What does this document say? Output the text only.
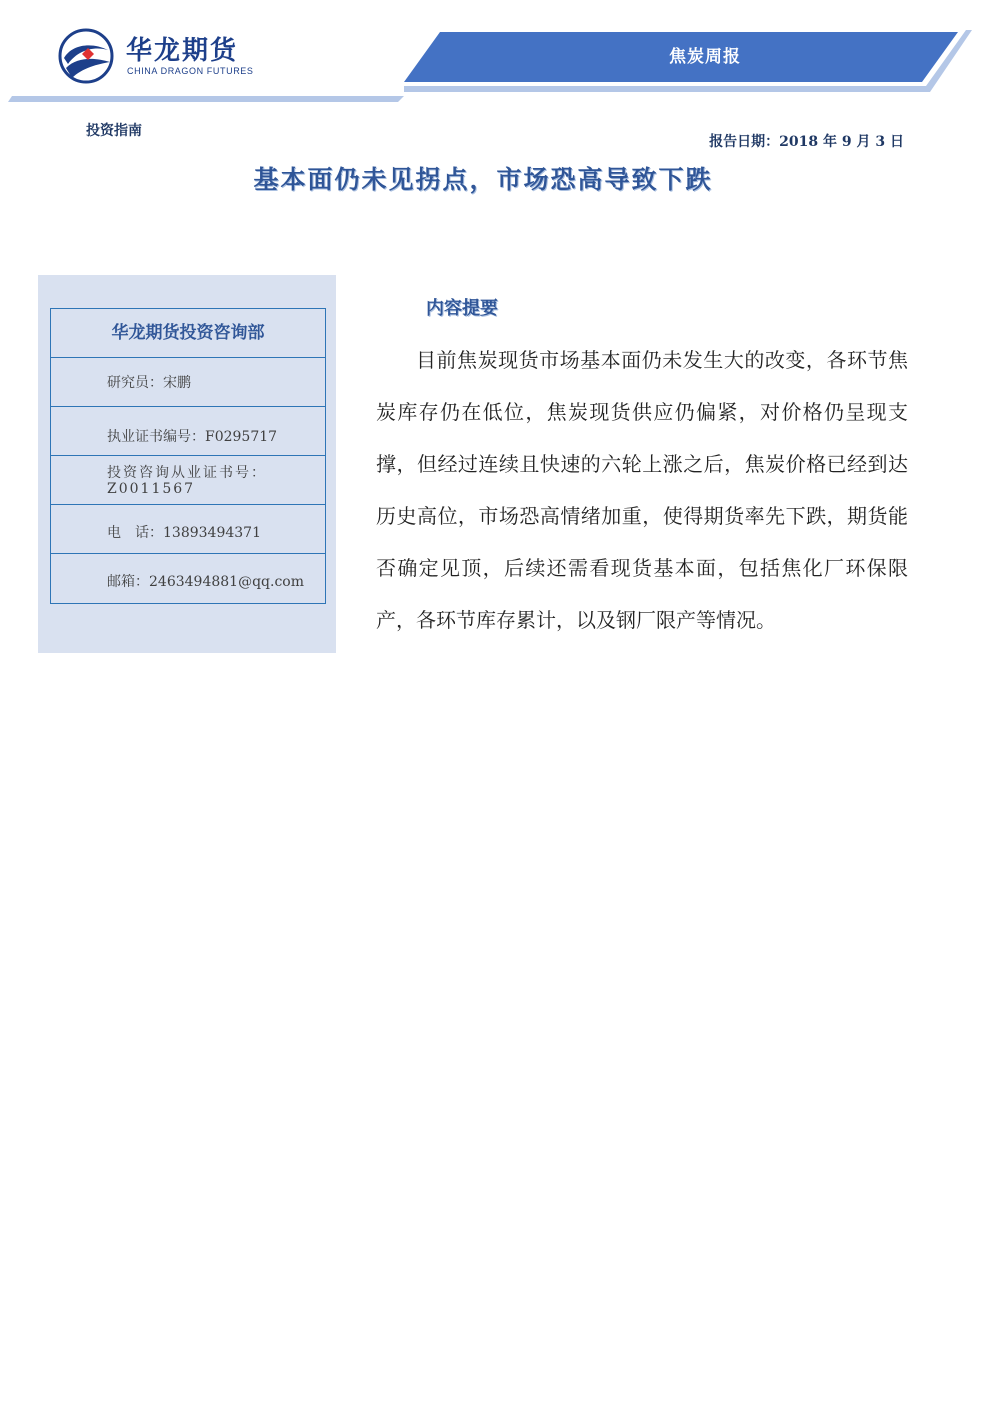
华龙期货
CHINA DRAGON FUTURES
焦炭周报
投资指南
报告日期：2018 年 9 月 3 日
基本面仍未见拐点，市场恐高导致下跌
华龙期货投资咨询部
研究员：宋鹏
执业证书编号：F0295717
投资咨询从业证书号：Z0011567
电　话：13893494371
邮箱：2463494881@qq.com
内容提要

目前焦炭现货市场基本面仍未发生大的改变，各环节焦炭库存仍在低位，焦炭现货供应仍偏紧，对价格仍呈现支撑，但经过连续且快速的六轮上涨之后，焦炭价格已经到达历史高位，市场恐高情绪加重，使得期货率先下跌，期货能否确定见顶，后续还需看现货基本面，包括焦化厂环保限产，各环节库存累计，以及钢厂限产等情况。
